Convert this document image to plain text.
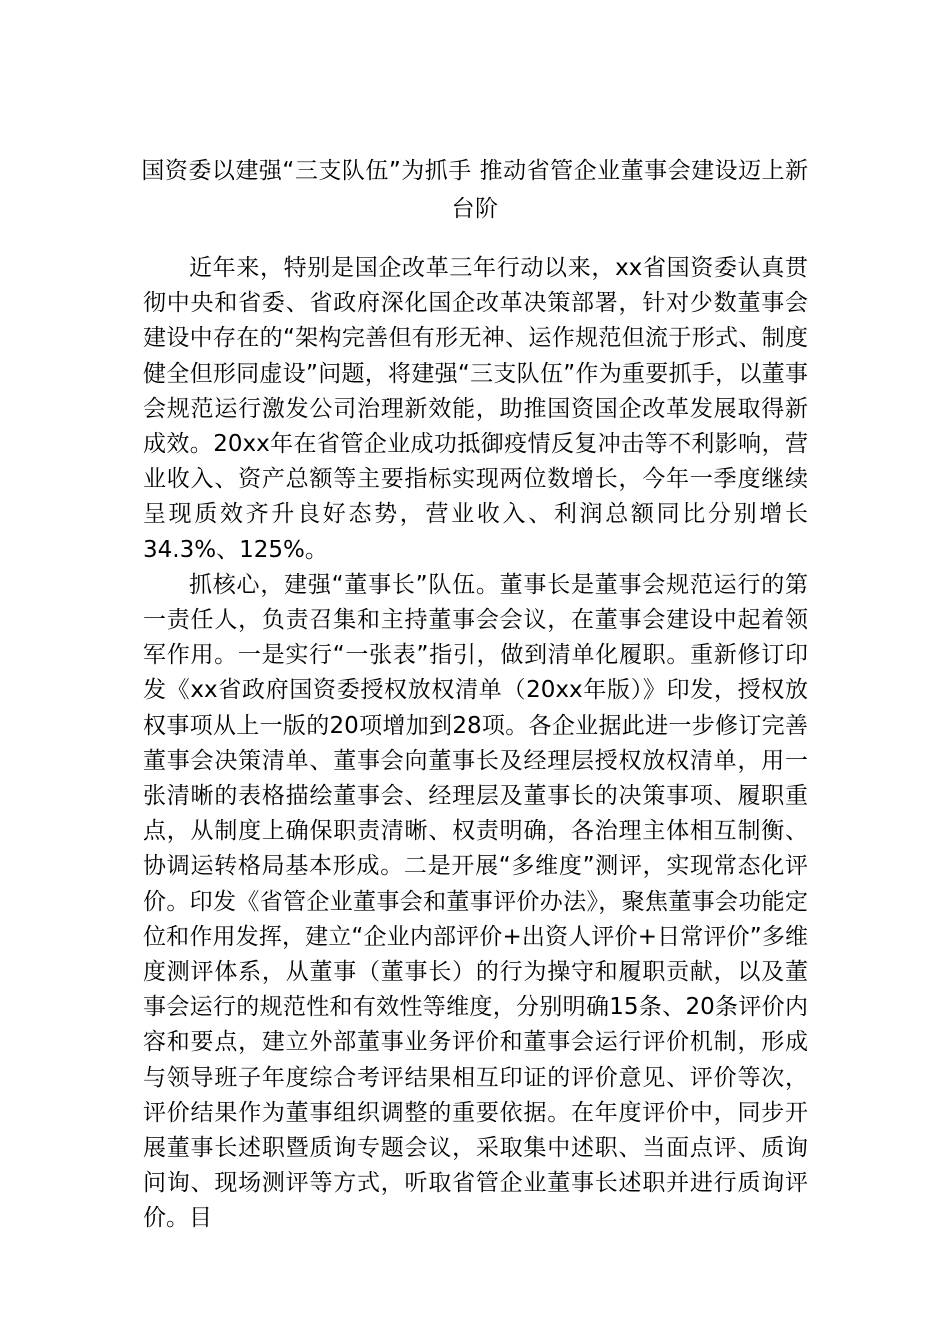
国资委以建强“三支队伍”为抓手 推动省管企业董事会建设迈上新台阶

近年来，特别是国企改革三年行动以来，xx省国资委认真贯彻中央和省委、省政府深化国企改革决策部署，针对少数董事会建设中存在的“架构完善但有形无神、运作规范但流于形式、制度健全但形同虚设”问题，将建强“三支队伍”作为重要抓手，以董事会规范运行激发公司治理新效能，助推国资国企改革发展取得新成效。20xx年在省管企业成功抵御疫情反复冲击等不利影响，营业收入、资产总额等主要指标实现两位数增长，今年一季度继续呈现质效齐升良好态势，营业收入、利润总额同比分别增长34.3%、125%。

抓核心，建强“董事长”队伍。董事长是董事会规范运行的第一责任人，负责召集和主持董事会会议，在董事会建设中起着领军作用。一是实行“一张表”指引，做到清单化履职。重新修订印发《xx省政府国资委授权放权清单（20xx年版）》印发，授权放权事项从上一版的20项增加到28项。各企业据此进一步修订完善董事会决策清单、董事会向董事长及经理层授权放权清单，用一张清晰的表格描绘董事会、经理层及董事长的决策事项、履职重点，从制度上确保职责清晰、权责明确，各治理主体相互制衡、协调运转格局基本形成。二是开展“多维度”测评，实现常态化评价。印发《省管企业董事会和董事评价办法》，聚焦董事会功能定位和作用发挥，建立“企业内部评价+出资人评价+日常评价”多维度测评体系，从董事（董事长）的行为操守和履职贡献，以及董事会运行的规范性和有效性等维度，分别明确15条、20条评价内容和要点，建立外部董事业务评价和董事会运行评价机制，形成与领导班子年度综合考评结果相互印证的评价意见、评价等次，评价结果作为董事组织调整的重要依据。在年度评价中，同步开展董事长述职暨质询专题会议，采取集中述职、当面点评、质询问询、现场测评等方式，听取省管企业董事长述职并进行质询评价。目
